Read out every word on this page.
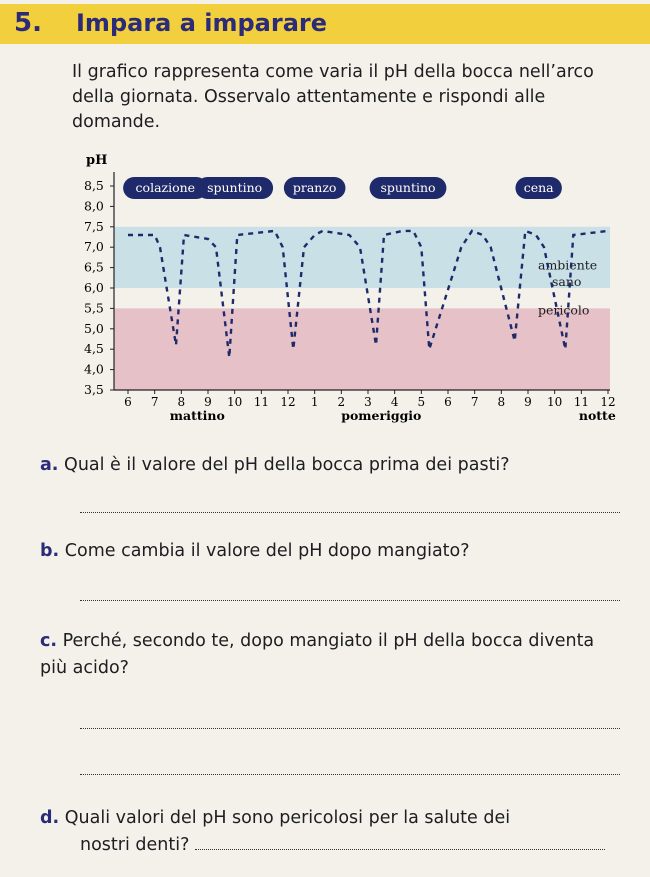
5. Impara a imparare
Il grafico rappresenta come varia il pH della bocca nell’arco della giornata. Osservalo attentamente e rispondi alle domande.
ambiente
sano
pericolo
pH
8,5
8,0
7,5
7,0
6,5
6,0
5,5
5,0
4,5
4,0
3,5
6 7 8 9 10 11 12 1 2 3 4 5 6 7 8 9 10 11 12
mattino	pomeriggio	notte
colazione spuntino pranzo	spuntino	cena
a. Qual è il valore del pH della bocca prima dei pasti?
b. Come cambia il valore del pH dopo mangiato?
c. Perché, secondo te, dopo mangiato il pH della bocca diventa più acido?
d. Quali valori del pH sono pericolosi per la salute dei
nostri denti?
